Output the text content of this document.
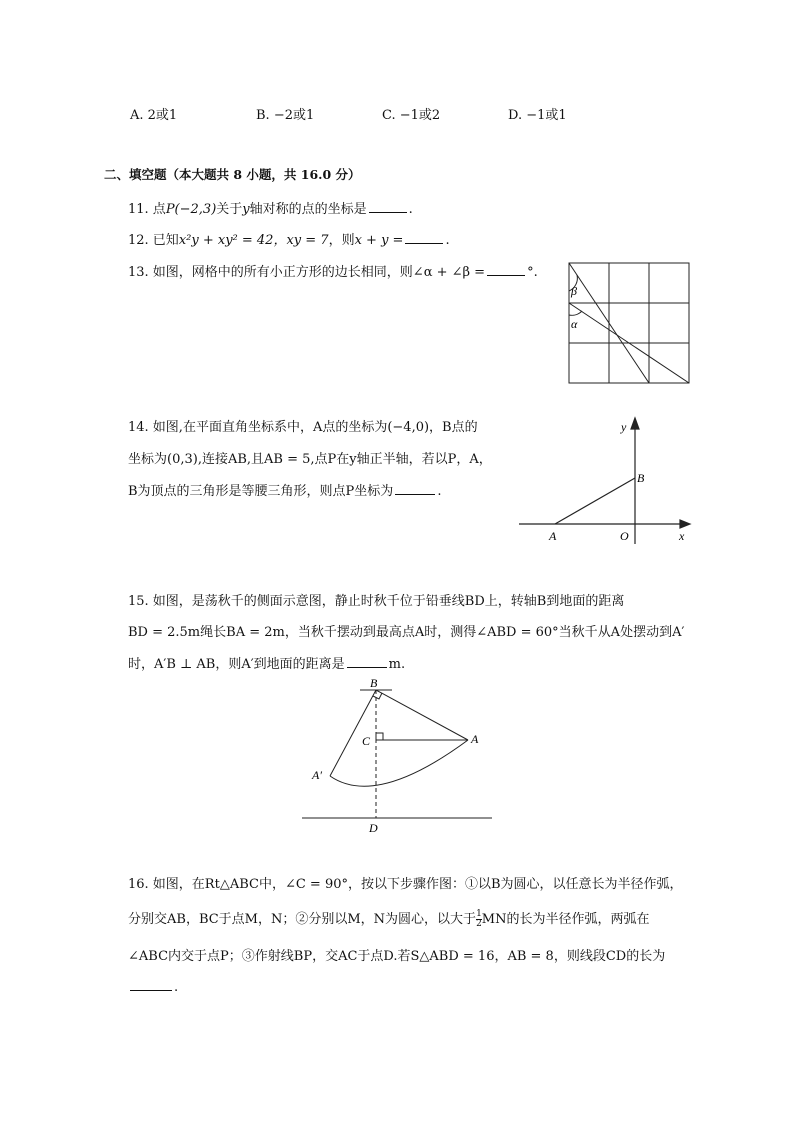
A. 2或1	B. −2或1	C. −1或2	D. −1或1
二、填空题（本大题共 8 小题，共 16.0 分）
11. 点P(−2,3)关于y轴对称的点的坐标是	.
12. 已知x²y + xy² = 42，xy = 7，则x + y =	.
13. 如图，网格中的所有小正方形的边长相同，则∠α + ∠β =	°.
β
α
14. 如图,在平面直角坐标系中，A点的坐标为(−4,0)，B点的
坐标为(0,3),连接AB,且AB = 5,点P在y轴正半轴，若以P，A，
B为顶点的三角形是等腰三角形，则点P坐标为	.
y
x
A
B
O
15. 如图，是荡秋千的侧面示意图，静止时秋千位于铅垂线BD上，转轴B到地面的距离
BD = 2.5m绳长BA = 2m，当秋千摆动到最高点A时，测得∠ABD = 60°当秋千从A处摆动到A′
时，A′B ⊥ AB，则A′到地面的距离是	m.
B
C	A
A′
D
16. 如图，在Rt△ABC中，∠C = 90°，按以下步骤作图：①以B为圆心，以任意长为半径作弧，
分别交AB，BC于点M，N；②分别以M，N为圆心，以大于 $\frac{1}{2}$ MN的长为半径作弧，两弧在
∠ABC内交于点P；③作射线BP，交AC于点D.若S△ABD = 16，AB = 8，则线段CD的长为
.
